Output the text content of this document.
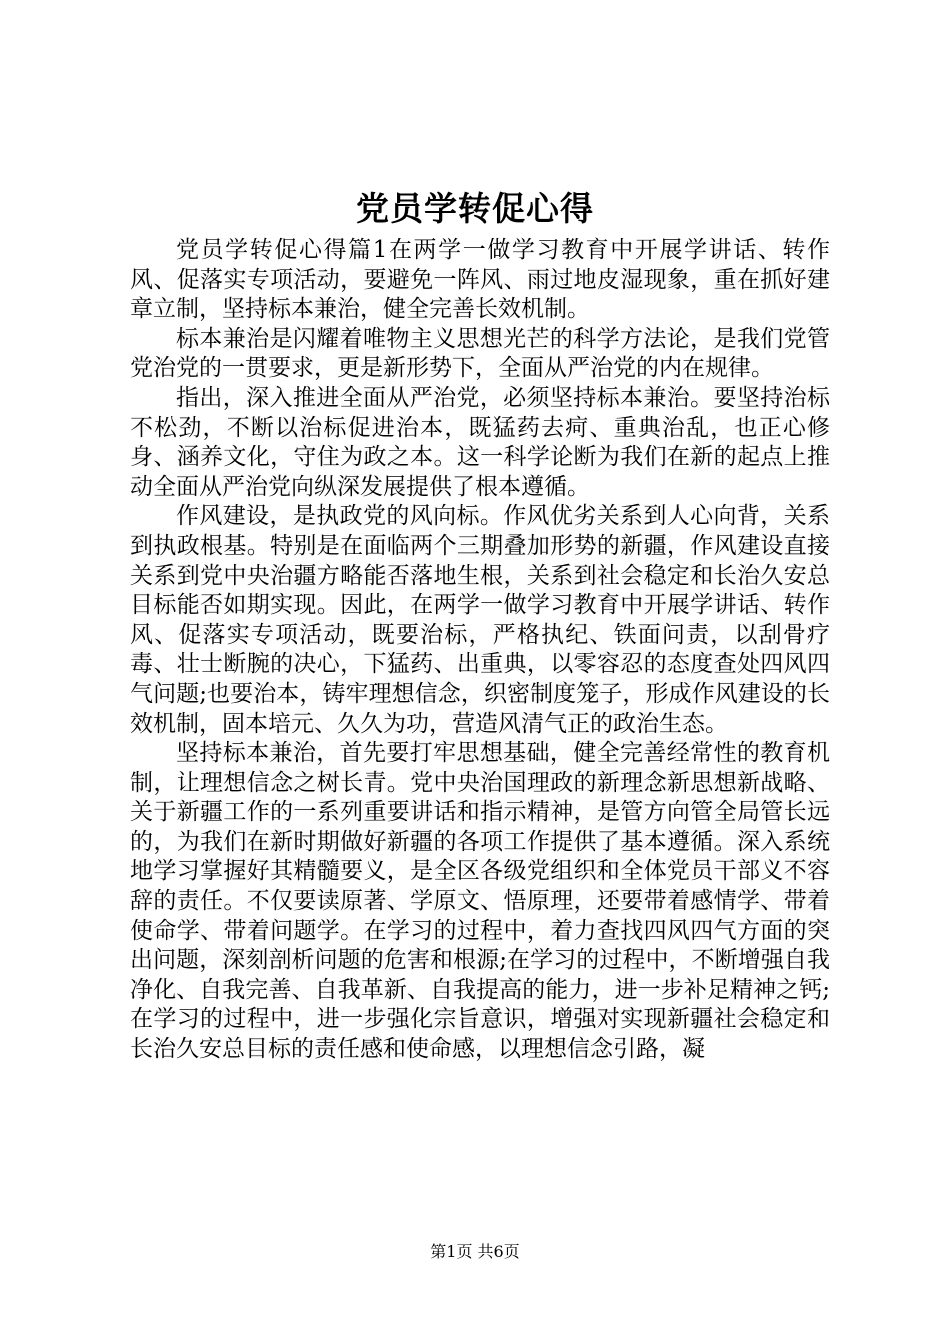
党员学转促心得

党员学转促心得篇1在两学一做学习教育中开展学讲话、转作风、促落实专项活动，要避免一阵风、雨过地皮湿现象，重在抓好建章立制，坚持标本兼治，健全完善长效机制。

标本兼治是闪耀着唯物主义思想光芒的科学方法论，是我们党管党治党的一贯要求，更是新形势下，全面从严治党的内在规律。

指出，深入推进全面从严治党，必须坚持标本兼治。要坚持治标不松劲，不断以治标促进治本，既猛药去疴、重典治乱，也正心修身、涵养文化，守住为政之本。这一科学论断为我们在新的起点上推动全面从严治党向纵深发展提供了根本遵循。

作风建设，是执政党的风向标。作风优劣关系到人心向背，关系到执政根基。特别是在面临两个三期叠加形势的新疆，作风建设直接关系到党中央治疆方略能否落地生根，关系到社会稳定和长治久安总目标能否如期实现。因此，在两学一做学习教育中开展学讲话、转作风、促落实专项活动，既要治标，严格执纪、铁面问责，以刮骨疗毒、壮士断腕的决心，下猛药、出重典，以零容忍的态度查处四风四气问题;也要治本，铸牢理想信念，织密制度笼子，形成作风建设的长效机制，固本培元、久久为功，营造风清气正的政治生态。

坚持标本兼治，首先要打牢思想基础，健全完善经常性的教育机制，让理想信念之树长青。党中央治国理政的新理念新思想新战略、关于新疆工作的一系列重要讲话和指示精神，是管方向管全局管长远的，为我们在新时期做好新疆的各项工作提供了基本遵循。深入系统地学习掌握好其精髓要义，是全区各级党组织和全体党员干部义不容辞的责任。不仅要读原著、学原文、悟原理，还要带着感情学、带着使命学、带着问题学。在学习的过程中，着力查找四风四气方面的突出问题，深刻剖析问题的危害和根源;在学习的过程中，不断增强自我净化、自我完善、自我革新、自我提高的能力，进一步补足精神之钙;在学习的过程中，进一步强化宗旨意识，增强对实现新疆社会稳定和长治久安总目标的责任感和使命感，以理想信念引路，凝

第1页 共6页
